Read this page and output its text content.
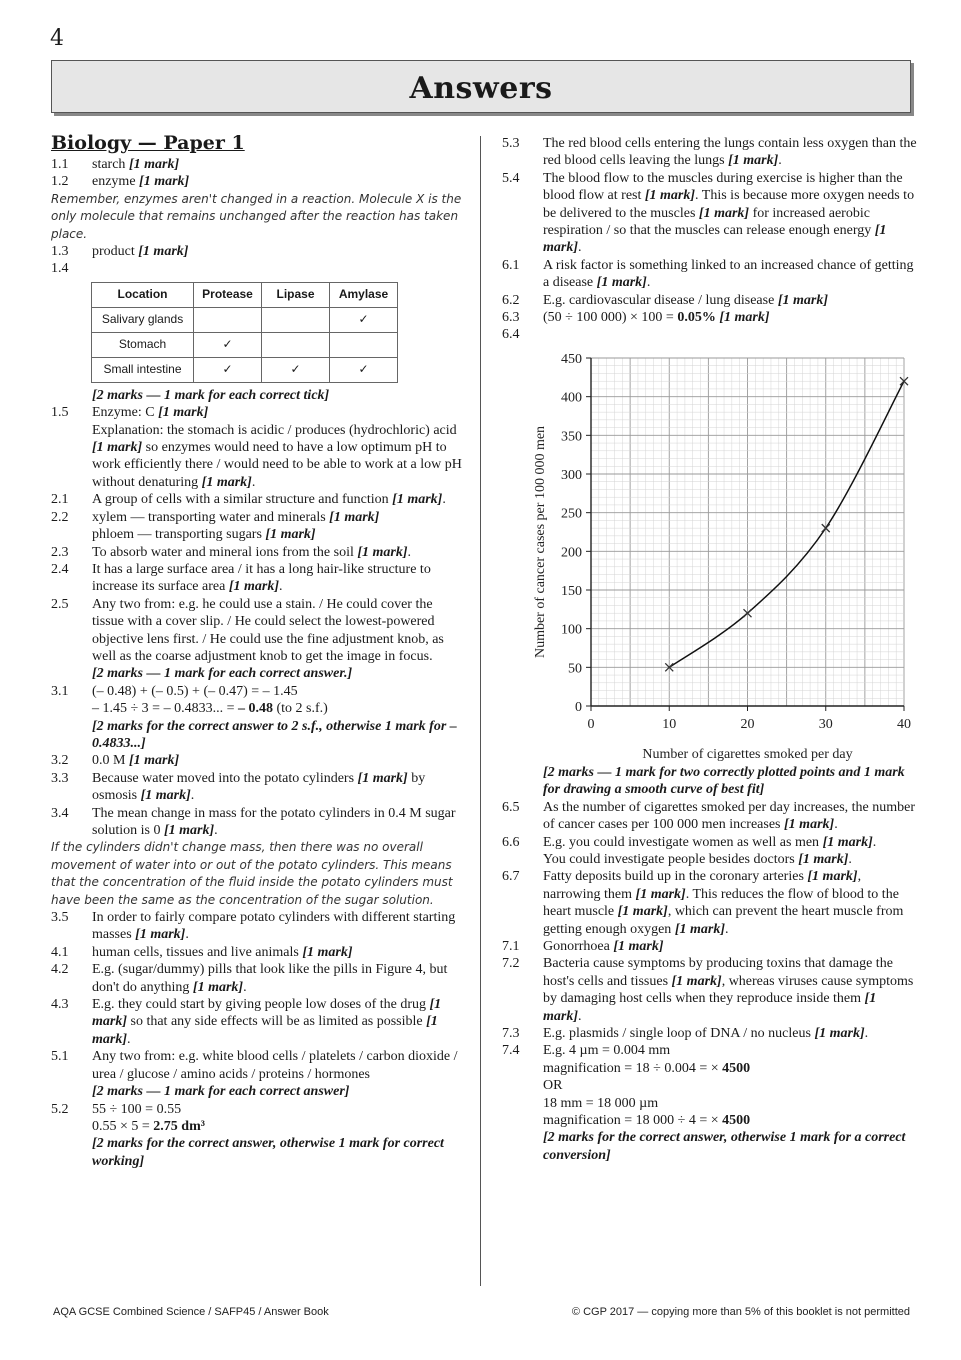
4
Answers
Biology — Paper 1
1.1	starch [1 mark]
1.2	enzyme [1 mark]
Remember, enzymes aren't changed in a reaction. Molecule X is the only molecule that remains unchanged after the reaction has taken place.
1.3	product [1 mark]
1.4
Location	Protease	Lipase	Amylase
Salivary glands			✓
Stomach	✓		
Small intestine	✓	✓	✓
[2 marks — 1 mark for each correct tick]
1.5	Enzyme: C [1 mark]
Explanation: the stomach is acidic / produces (hydrochloric) acid [1 mark] so enzymes would need to have a low optimum pH to work efficiently there / would need to be able to work at a low pH without denaturing [1 mark].
2.1	A group of cells with a similar structure and function [1 mark].
2.2	xylem — transporting water and minerals [1 mark]
phloem — transporting sugars [1 mark]
2.3	To absorb water and mineral ions from the soil [1 mark].
2.4	It has a large surface area / it has a long hair-like structure to increase its surface area [1 mark].
2.5	Any two from: e.g. he could use a stain. / He could cover the tissue with a cover slip. / He could select the lowest-powered objective lens first. / He could use the fine adjustment knob, as well as the coarse adjustment knob to get the image in focus.
[2 marks — 1 mark for each correct answer.]
3.1	(– 0.48) + (– 0.5) + (– 0.47) = – 1.45
– 1.45 ÷ 3 = – 0.4833... = – 0.48 (to 2 s.f.)
[2 marks for the correct answer to 2 s.f., otherwise 1 mark for – 0.4833...]
3.2	0.0 M [1 mark]
3.3	Because water moved into the potato cylinders [1 mark] by osmosis [1 mark].
3.4	The mean change in mass for the potato cylinders in 0.4 M sugar solution is 0 [1 mark].
If the cylinders didn't change mass, then there was no overall movement of water into or out of the potato cylinders. This means that the concentration of the fluid inside the potato cylinders must have been the same as the concentration of the sugar solution.
3.5	In order to fairly compare potato cylinders with different starting masses [1 mark].
4.1	human cells, tissues and live animals [1 mark]
4.2	E.g. (sugar/dummy) pills that look like the pills in Figure 4, but don't do anything [1 mark].
4.3	E.g. they could start by giving people low doses of the drug [1 mark] so that any side effects will be as limited as possible [1 mark].
5.1	Any two from: e.g. white blood cells / platelets / carbon dioxide / urea / glucose / amino acids / proteins / hormones
[2 marks — 1 mark for each correct answer]
5.2	55 ÷ 100 = 0.55
0.55 × 5 = 2.75 dm³
[2 marks for the correct answer, otherwise 1 mark for correct working]
5.3	The red blood cells entering the lungs contain less oxygen than the red blood cells leaving the lungs [1 mark].
5.4	The blood flow to the muscles during exercise is higher than the blood flow at rest [1 mark]. This is because more oxygen needs to be delivered to the muscles [1 mark] for increased aerobic respiration / so that the muscles can release enough energy [1 mark].
6.1	A risk factor is something linked to an increased chance of getting a disease [1 mark].
6.2	E.g. cardiovascular disease / lung disease [1 mark]
6.3	(50 ÷ 100 000) × 100 = 0.05% [1 mark]
6.4
0	10	20	30	40
0
50
100
150
200
250
300
350
400
450
Number of cigarettes smoked per day
Number of cancer cases per 100 000 men
[2 marks — 1 mark for two correctly plotted points and 1 mark for drawing a smooth curve of best fit]
6.5	As the number of cigarettes smoked per day increases, the number of cancer cases per 100 000 men increases [1 mark].
6.6	E.g. you could investigate women as well as men [1 mark].
You could investigate people besides doctors [1 mark].
6.7	Fatty deposits build up in the coronary arteries [1 mark], narrowing them [1 mark]. This reduces the flow of blood to the heart muscle [1 mark], which can prevent the heart muscle from getting enough oxygen [1 mark].
7.1	Gonorrhoea [1 mark]
7.2	Bacteria cause symptoms by producing toxins that damage the host's cells and tissues [1 mark], whereas viruses cause symptoms by damaging host cells when they reproduce inside them [1 mark].
7.3	E.g. plasmids / single loop of DNA / no nucleus [1 mark].
7.4	E.g. 4 µm = 0.004 mm
magnification = 18 ÷ 0.004 = × 4500
OR
18 mm = 18 000 µm
magnification = 18 000 ÷ 4 = × 4500
[2 marks for the correct answer, otherwise 1 mark for a correct conversion]
AQA GCSE Combined Science / SAFP45 / Answer Book	© CGP 2017 — copying more than 5% of this booklet is not permitted
